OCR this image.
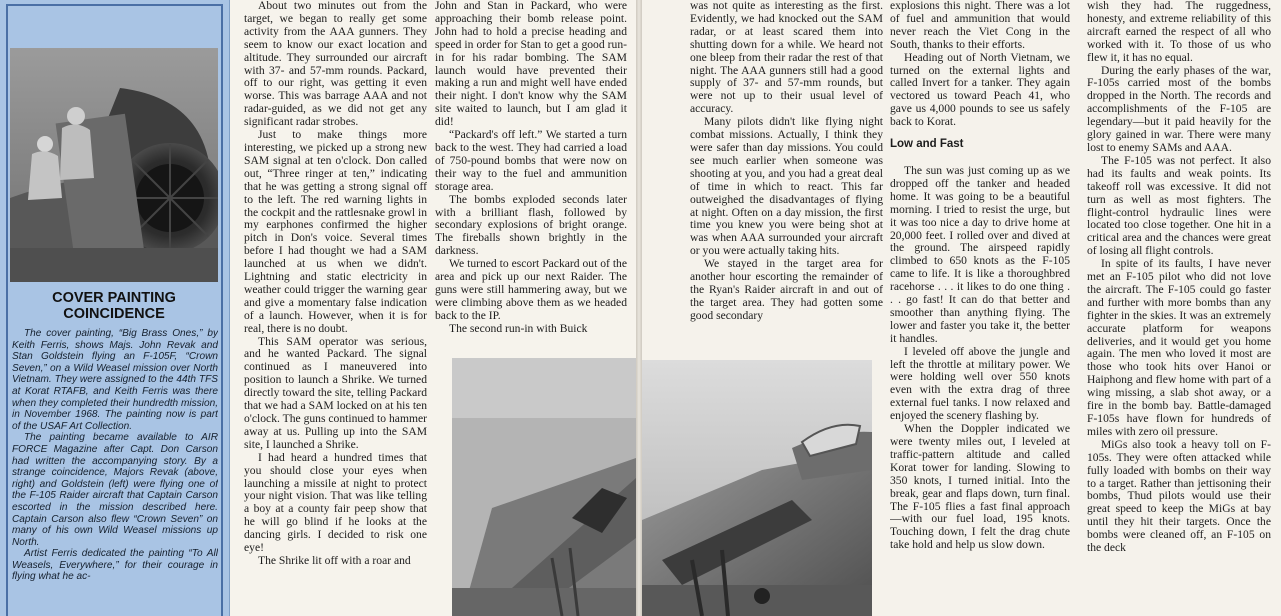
COVER PAINTING
COINCIDENCE

The cover painting, “Big Brass Ones,” by Keith Ferris, shows Majs. John Revak and Stan Goldstein flying an F-105F, “Crown Seven,” on a Wild Weasel mission over North Vietnam. They were assigned to the 44th TFS at Korat RTAFB, and Keith Ferris was there when they completed their hundredth mission, in November 1968. The painting now is part of the USAF Art Collection.

The painting became available to AIR FORCE Magazine after Capt. Don Carson had written the accompanying story. By a strange coincidence, Majors Revak (above, right) and Goldstein (left) were flying one of the F-105 Raider aircraft that Captain Carson escorted in the mission described here. Captain Carson also flew “Crown Seven” on many of his own Wild Weasel missions up North.

Artist Ferris dedicated the painting “To All Weasels, Everywhere,” for their courage in flying what he ac-

About two minutes out from the target, we began to really get some activity from the AAA gunners. They seem to know our exact location and altitude. They surrounded our aircraft with 37- and 57-mm rounds. Packard, off to our right, was getting it even worse. This was barrage AAA and not radar-guided, as we did not get any significant radar strobes.

Just to make things more interesting, we picked up a strong new SAM signal at ten o'clock. Don called out, “Three ringer at ten,” indicating that he was getting a strong signal off to the left. The red warning lights in the cockpit and the rattlesnake growl in my earphones confirmed the higher pitch in Don's voice. Several times before I had thought we had a SAM launched at us when we didn't. Lightning and static electricity in weather could trigger the warning gear and give a momentary false indication of a launch. However, when it is for real, there is no doubt.

This SAM operator was serious, and he wanted Packard. The signal continued as I maneuvered into position to launch a Shrike. We turned directly toward the site, telling Packard that we had a SAM locked on at his ten o'clock. The guns continued to hammer away at us. Pulling up into the SAM site, I launched a Shrike.

I had heard a hundred times that you should close your eyes when launching a missile at night to protect your night vision. That was like telling a boy at a county fair peep show that he will go blind if he looks at the dancing girls. I decided to risk one eye!

The Shrike lit off with a roar and

John and Stan in Packard, who were approaching their bomb release point. John had to hold a precise heading and speed in order for Stan to get a good run-in for his radar bombing. The SAM launch would have prevented their making a run and might well have ended their night. I don't know why the SAM site waited to launch, but I am glad it did!

“Packard's off left.” We started a turn back to the west. They had carried a load of 750-pound bombs that were now on their way to the fuel and ammunition storage area.

The bombs exploded seconds later with a brilliant flash, followed by secondary explosions of bright orange. The fireballs shown brightly in the darkness.

We turned to escort Packard out of the area and pick up our next Raider. The guns were still hammering away, but we were climbing above them as we headed back to the IP.

The second run-in with Buick

was not quite as interesting as the first. Evidently, we had knocked out the SAM radar, or at least scared them into shutting down for a while. We heard not one bleep from their radar the rest of that night. The AAA gunners still had a good supply of 37- and 57-mm rounds, but were not up to their usual level of accuracy.

Many pilots didn't like flying night combat missions. Actually, I think they were safer than day missions. You could see much earlier when someone was shooting at you, and you had a great deal of time in which to react. This far outweighed the disadvantages of flying at night. Often on a day mission, the first time you knew you were being shot at was when AAA surrounded your aircraft or you were actually taking hits.

We stayed in the target area for another hour escorting the remainder of the Ryan's Raider aircraft in and out of the target area. They had gotten some good secondary

explosions this night. There was a lot of fuel and ammunition that would never reach the Viet Cong in the South, thanks to their efforts.

Heading out of North Vietnam, we turned on the external lights and called Invert for a tanker. They again vectored us toward Peach 41, who gave us 4,000 pounds to see us safely back to Korat.

Low and Fast

The sun was just coming up as we dropped off the tanker and headed home. It was going to be a beautiful morning. I tried to resist the urge, but it was too nice a day to drive home at 20,000 feet. I rolled over and dived at the ground. The airspeed rapidly climbed to 650 knots as the F-105 came to life. It is like a thoroughbred racehorse . . . it likes to do one thing . . . go fast! It can do that better and smoother than anything flying. The lower and faster you take it, the better it handles.

I leveled off above the jungle and left the throttle at military power. We were holding well over 550 knots even with the extra drag of three external fuel tanks. I now relaxed and enjoyed the scenery flashing by.

When the Doppler indicated we were twenty miles out, I leveled at traffic-pattern altitude and called Korat tower for landing. Slowing to 350 knots, I turned initial. Into the break, gear and flaps down, turn final. The F-105 flies a fast final approach—with our fuel load, 195 knots. Touching down, I felt the drag chute take hold and help us slow down.

wish they had. The ruggedness, honesty, and extreme reliability of this aircraft earned the respect of all who worked with it. To those of us who flew it, it has no equal.

During the early phases of the war, F-105s carried most of the bombs dropped in the North. The records and accomplishments of the F-105 are legendary—but it paid heavily for the glory gained in war. There were many lost to enemy SAMs and AAA.

The F-105 was not perfect. It also had its faults and weak points. Its takeoff roll was excessive. It did not turn as well as most fighters. The flight-control hydraulic lines were located too close together. One hit in a critical area and the chances were great of losing all flight controls.

In spite of its faults, I have never met an F-105 pilot who did not love the aircraft. The F-105 could go faster and further with more bombs than any fighter in the skies. It was an extremely accurate platform for weapons deliveries, and it would get you home again. The men who loved it most are those who took hits over Hanoi or Haiphong and flew home with part of a wing missing, a slab shot away, or a fire in the bomb bay. Battle-damaged F-105s have flown for hundreds of miles with zero oil pressure.

MiGs also took a heavy toll on F-105s. They were often attacked while fully loaded with bombs on their way to a target. Rather than jettisoning their bombs, Thud pilots would use their great speed to keep the MiGs at bay until they hit their targets. Once the bombs were cleaned off, an F-105 on the deck
